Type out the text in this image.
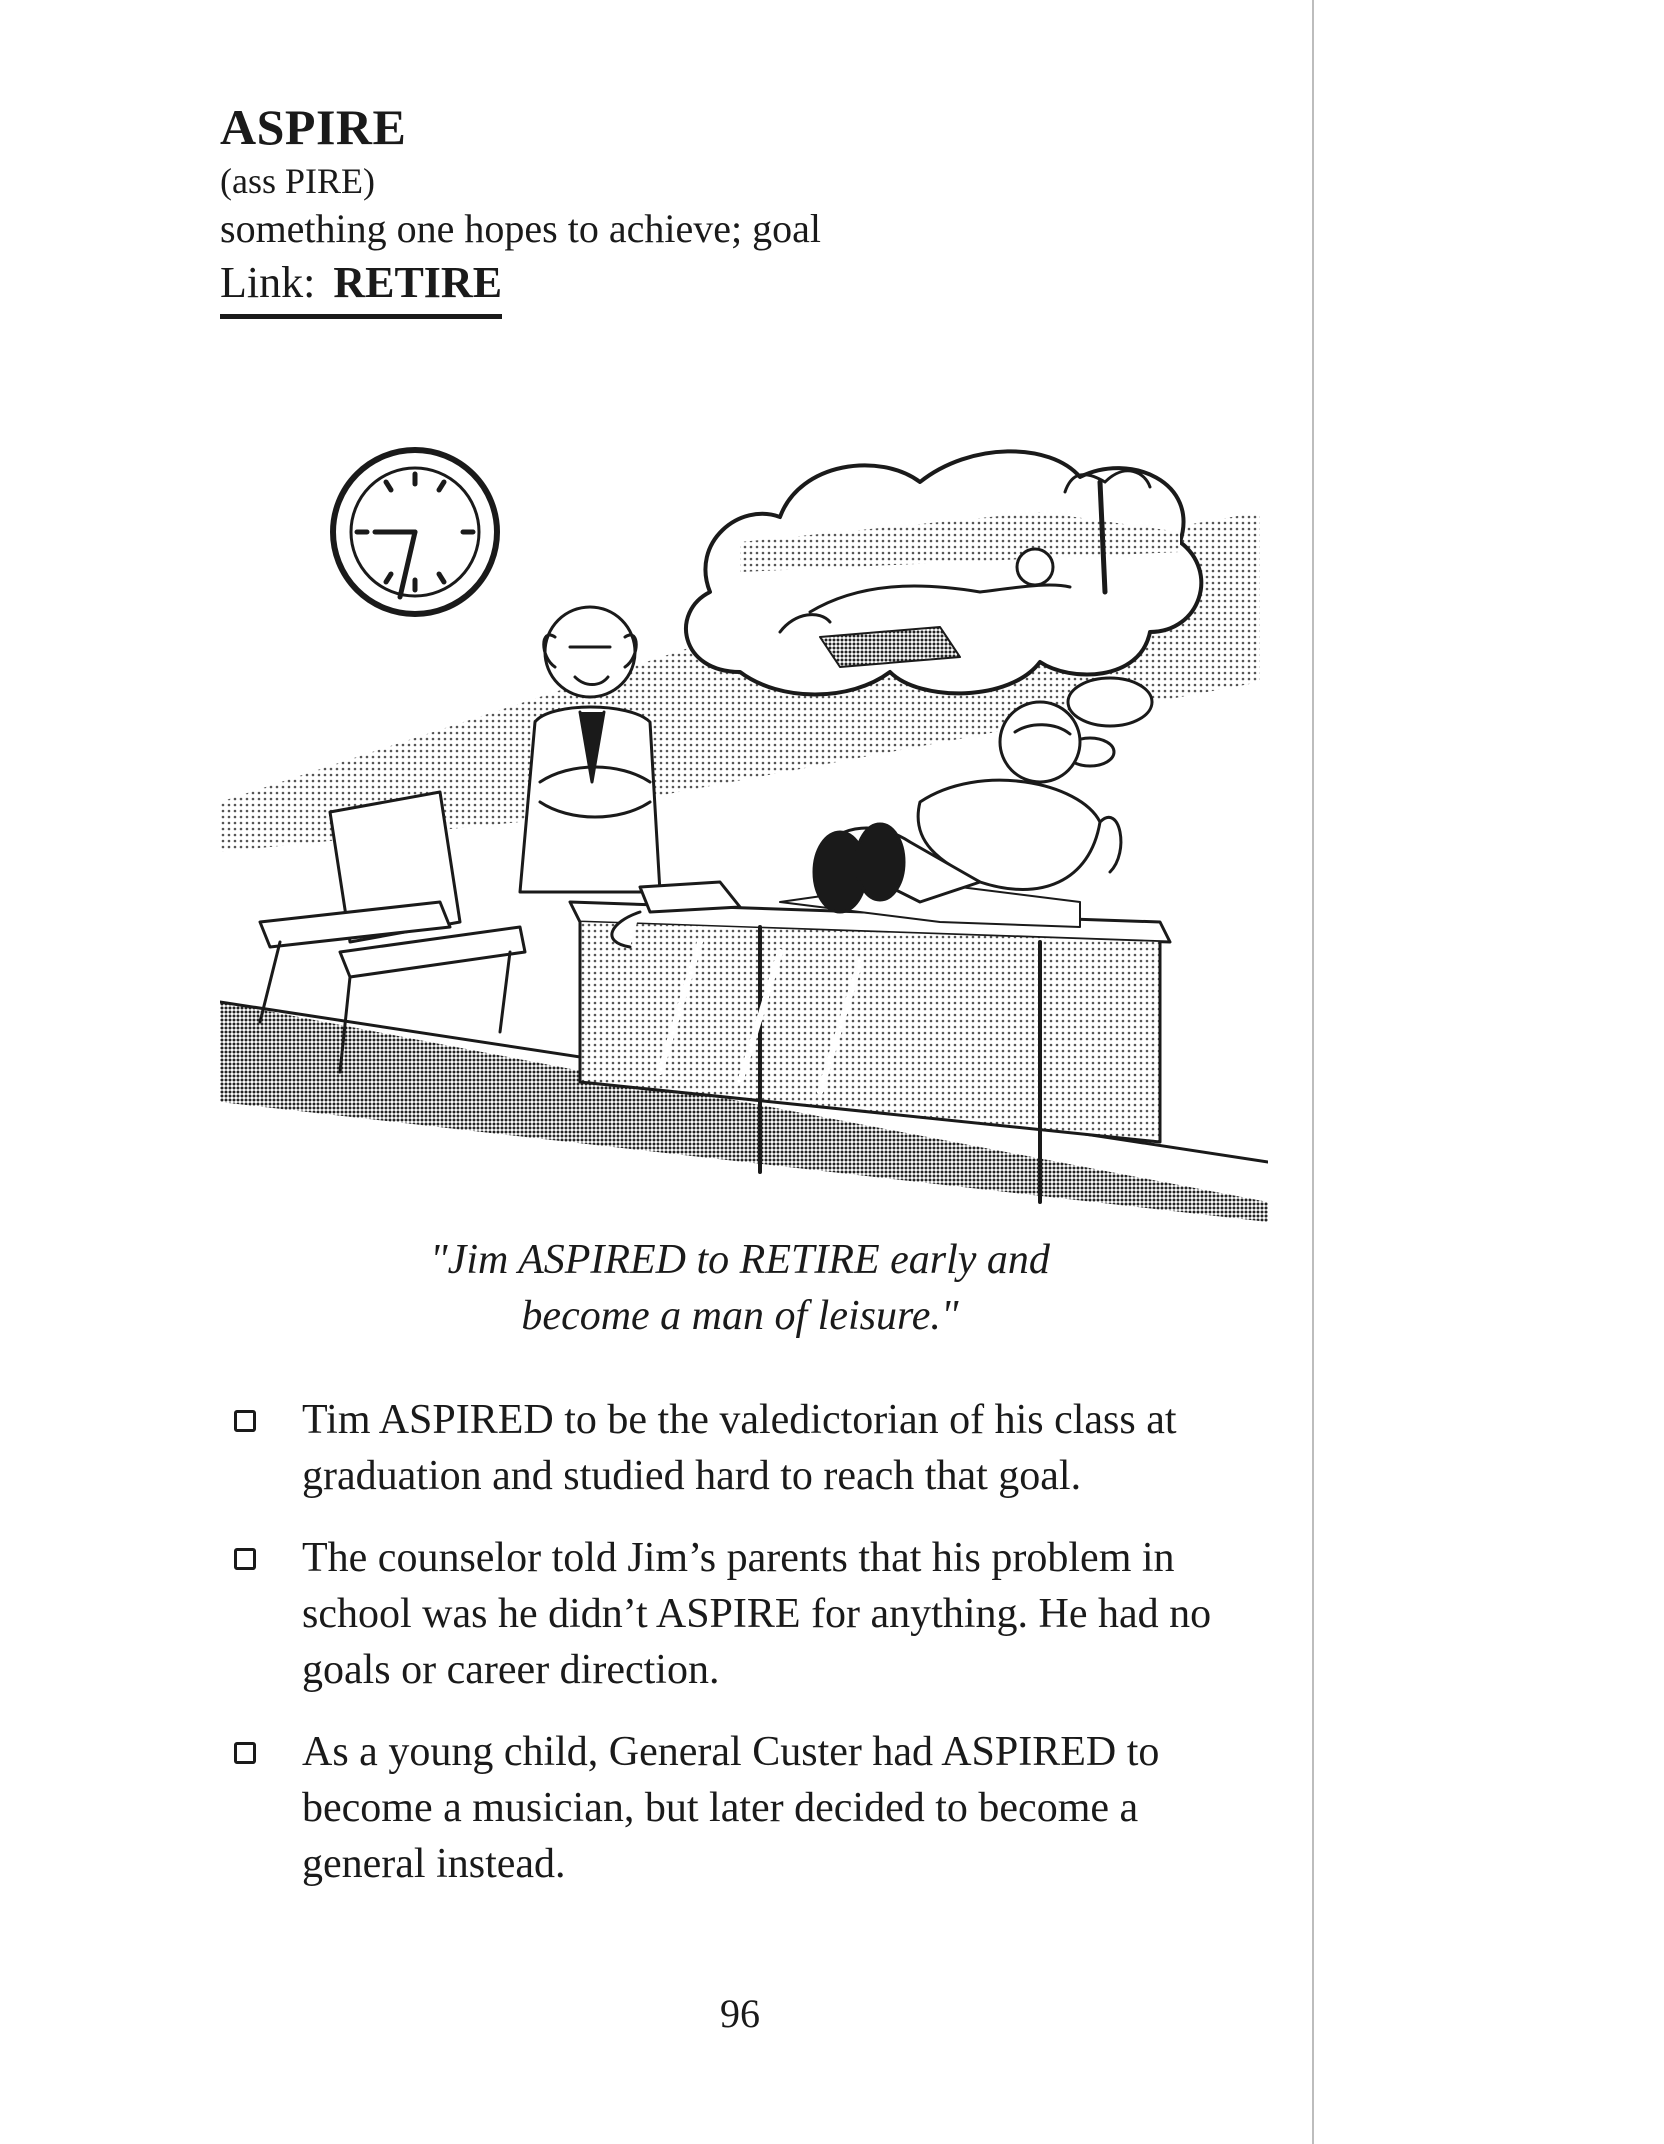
ASPIRE
(ass PIRE)
something one hopes to achieve; goal
Link: RETIRE
"Jim ASPIRED to RETIRE early and
become a man of leisure."
Tim ASPIRED to be the valedictorian of his class at graduation and studied hard to reach that goal.
The counselor told Jim’s parents that his problem in school was he didn’t ASPIRE for anything. He had no goals or career direction.
As a young child, General Custer had ASPIRED to become a musician, but later decided to become a general instead.
96
